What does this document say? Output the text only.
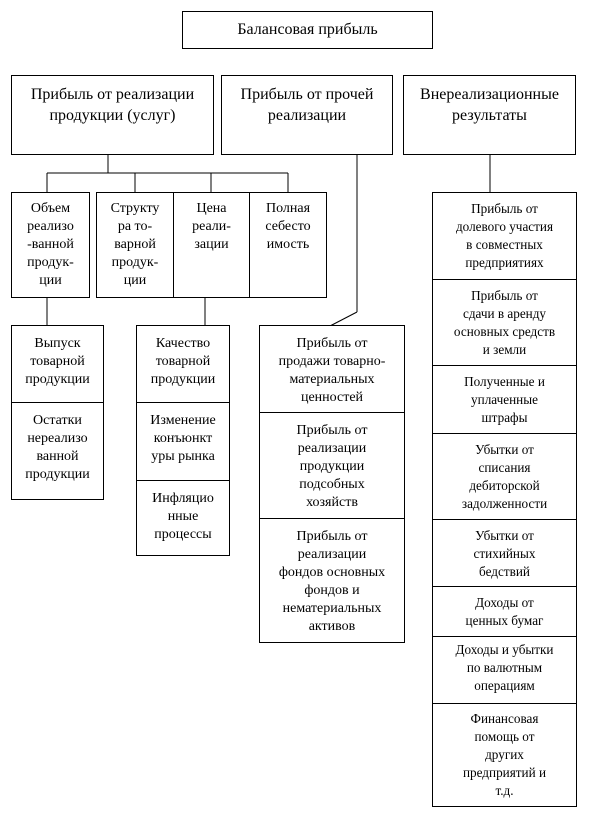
Балансовая прибыль
Прибыль от реализации
продукции (услуг)
Прибыль от прочей
реализации
Внереализационные
результаты
Объем
реализо
-ванной
продук-
ции
Структу
ра то-
варной
продук-
ции
Цена
реали-
зации
Полная
себесто
имость
Выпуск
товарной
продукции
Остатки
нереализо
ванной
продукции
Качество
товарной
продукции
Изменение
конъюнкт
уры рынка
Инфляцио
нные
процессы
Прибыль от
продажи товарно-
материальных
ценностей
Прибыль от
реализации
продукции
подсобных
хозяйств
Прибыль от
реализации
фондов основных
фондов и
нематериальных
активов
Прибыль от
долевого участия
в совместных
предприятиях
Прибыль от
сдачи в аренду
основных средств
и земли
Полученные и
уплаченные
штрафы
Убытки от
списания
дебиторской
задолженности
Убытки от
стихийных
бедствий
Доходы от
ценных бумаг
Доходы и убытки
по валютным
операциям
Финансовая
помощь от
других
предприятий и
т.д.
